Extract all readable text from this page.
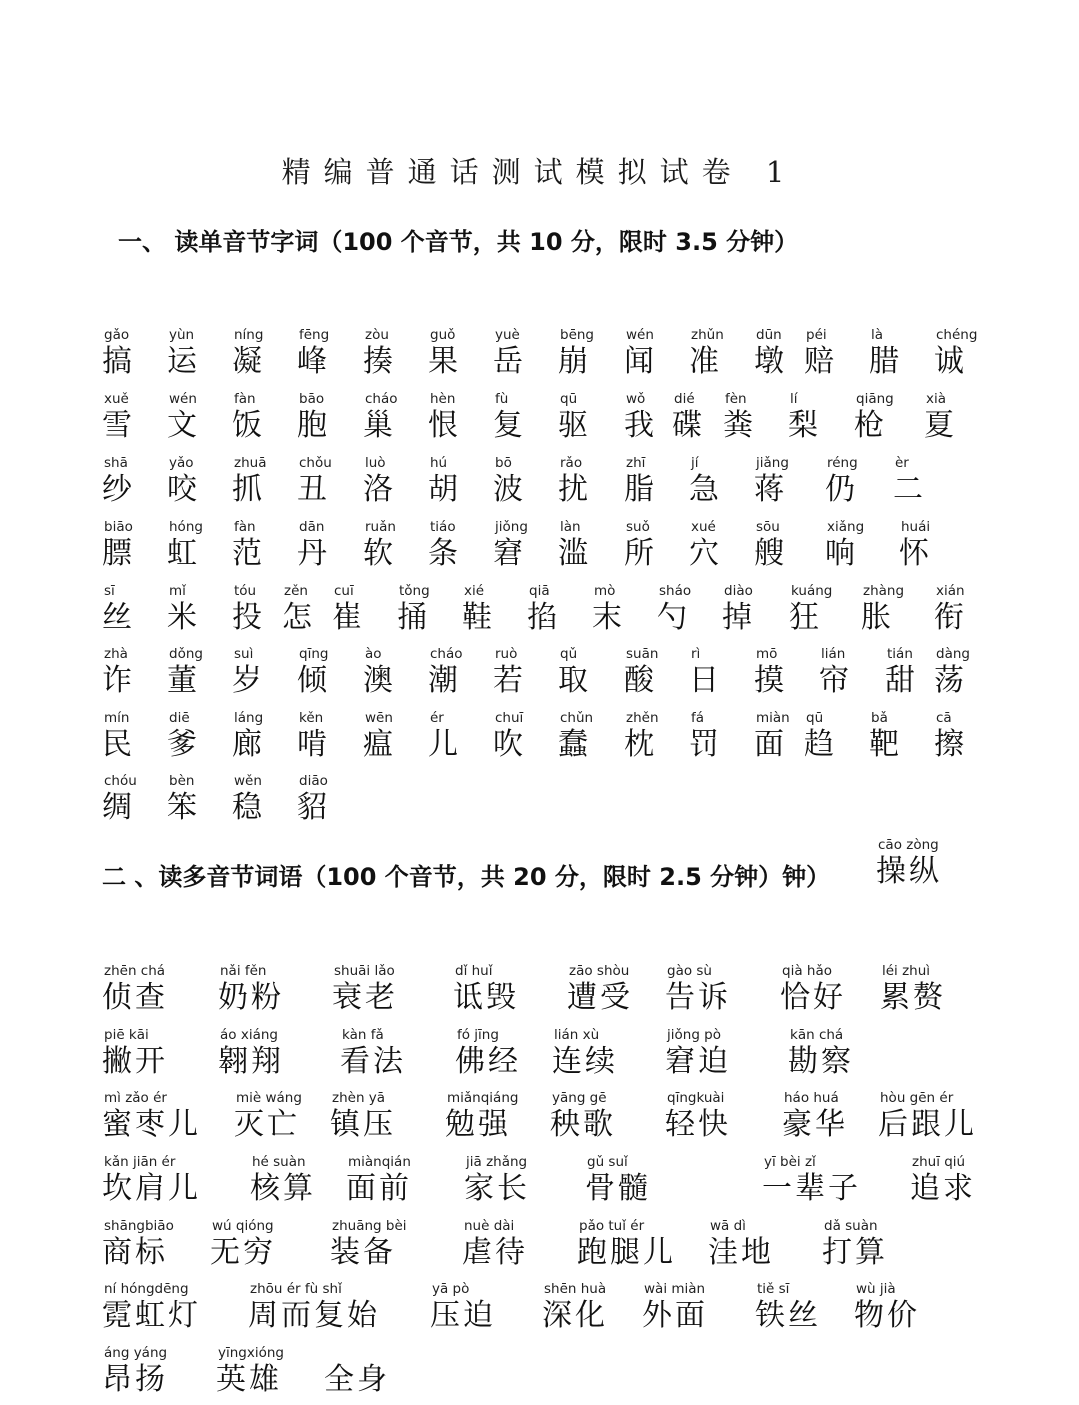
精编普通话测试模拟试卷 1
一、 读单音节字词（100 个音节，共 10 分，限时 3.5 分钟）
gǎo
搞
yùn
运
níng
凝
fēng
峰
zòu
揍
guǒ
果
yuè
岳
bēng
崩
wén
闻
zhǔn
准
dūn
墩
péi
赔
là
腊
chéng
诚
xuě
雪
wén
文
fàn
饭
bāo
胞
cháo
巢
hèn
恨
fù
复
qū
驱
wǒ
我
dié
碟
fèn
粪
lí
梨
qiāng
枪
xià
夏
shā
纱
yǎo
咬
zhuā
抓
chǒu
丑
luò
洛
hú
胡
bō
波
rǎo
扰
zhī
脂
jí
急
jiǎng
蒋
réng
仍
èr
二
biāo
膘
hóng
虹
fàn
范
dān
丹
ruǎn
软
tiáo
条
jiǒng
窘
làn
滥
suǒ
所
xué
穴
sōu
艘
xiǎng
响
huái
怀
sī
丝
mǐ
米
tóu
投
zěn
怎
cuī
崔
tǒng
捅
xié
鞋
qiā
掐
mò
末
sháo
勺
diào
掉
kuáng
狂
zhàng
胀
xián
衔
zhà
诈
dǒng
董
suì
岁
qīng
倾
ào
澳
cháo
潮
ruò
若
qǔ
取
suān
酸
rì
日
mō
摸
lián
帘
tián
甜
dàng
荡
mín
民
diē
爹
láng
廊
kěn
啃
wēn
瘟
ér
儿
chuī
吹
chǔn
蠢
zhěn
枕
fá
罚
miàn
面
qū
趋
bǎ
靶
cā
擦
chóu
绸
bèn
笨
wěn
稳
diāo
貂
二 、读多音节词语（100 个音节，共 20 分，限时 2.5 分钟）钟）
cāo zòng
操纵
zhēn chá
侦查
nǎi fěn
奶粉
shuāi lǎo
衰老
dǐ huǐ
诋毁
zāo shòu
遭受
gào sù
告诉
qià hǎo
恰好
léi zhuì
累赘
piē kāi
撇开
áo xiáng
翱翔
kàn fǎ
看法
fó jīng
佛经
lián xù
连续
jiǒng pò
窘迫
kān chá
勘察
mì zǎo ér
蜜枣儿
miè wáng
灭亡
zhèn yā
镇压
miǎnqiáng
勉强
yāng gē
秧歌
qīngkuài
轻快
háo huá
豪华
hòu gēn ér
后跟儿
kǎn jiān ér
坎肩儿
hé suàn
核算
miànqián
面前
jiā zhǎng
家长
gǔ suǐ
骨髓
yī bèi zǐ
一辈子
zhuī qiú
追求
shāngbiāo
商标
wú qióng
无穷
zhuāng bèi
装备
nuè dài
虐待
pǎo tuǐ ér
跑腿儿
wā dì
洼地
dǎ suàn
打算
ní hóngdēng
霓虹灯
zhōu ér fù shǐ
周而复始
yā pò
压迫
shēn huà
深化
wài miàn
外面
tiě sī
铁丝
wù jià
物价
áng yáng
昂扬
yīngxióng
英雄 全身
